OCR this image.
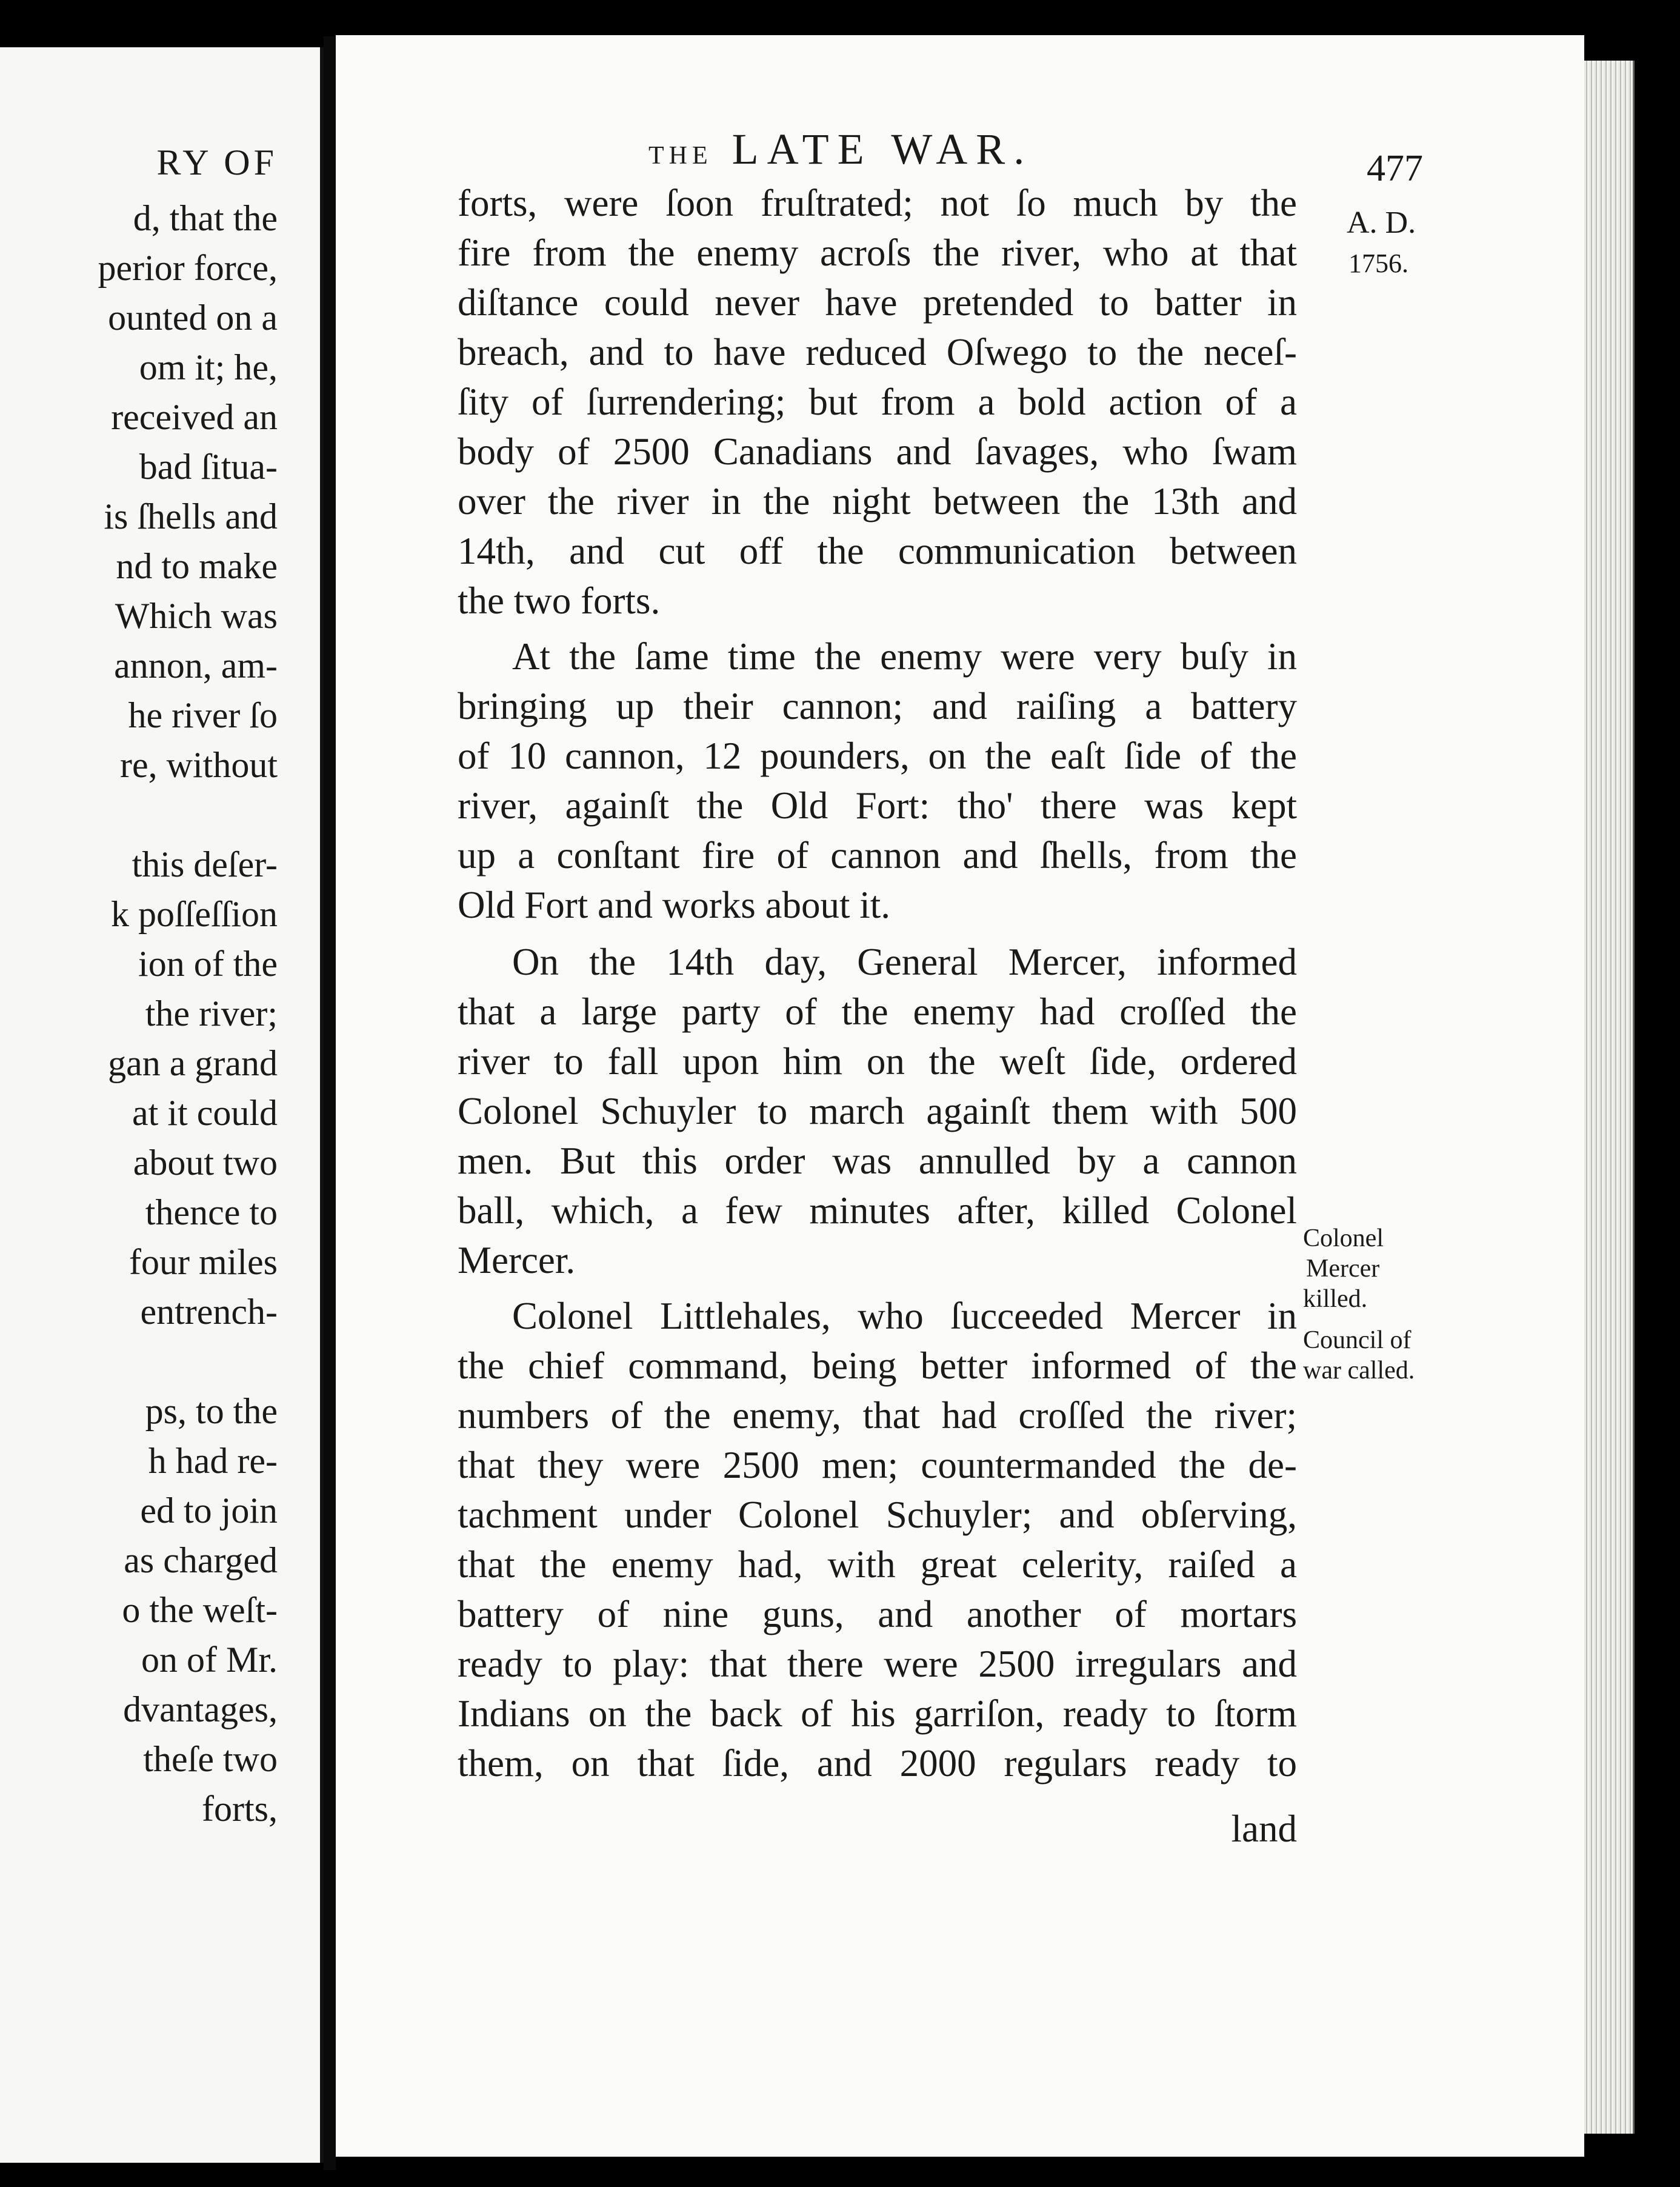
RY OF
d, that the
perior force,
ounted on a
om it; he,
received an
bad ſitua-
is ſhells and
nd to make
Which was
annon, am-
he river ſo
re, without
this deſer-
k poſſeſſion
ion of the
the river;
gan a grand
at it could
about two
thence to
four miles
entrench-
ps, to the
h had re-
ed to join
as charged
o the weſt-
on of Mr.
dvantages,
theſe two
forts,
THE LATE WAR.	477
forts, were ſoon fruſtrated; not ſo much by the
fire from the enemy acroſs the river, who at that
diſtance could never have pretended to batter in
breach, and to have reduced Oſwego to the neceſ-
ſity of ſurrendering; but from a bold action of a
body of 2500 Canadians and ſavages, who ſwam
over the river in the night between the 13th and
14th, and cut off the communication between
the two forts.
At the ſame time the enemy were very buſy in
bringing up their cannon; and raiſing a battery
of 10 cannon, 12 pounders, on the eaſt ſide of the
river, againſt the Old Fort: tho' there was kept
up a conſtant fire of cannon and ſhells, from the
Old Fort and works about it.
On the 14th day, General Mercer, informed
that a large party of the enemy had croſſed the
river to fall upon him on the weſt ſide, ordered
Colonel Schuyler to march againſt them with 500
men. But this order was annulled by a cannon
ball, which, a few minutes after, killed Colonel
Mercer.
Colonel Littlehales, who ſucceeded Mercer in
the chief command, being better informed of the
numbers of the enemy, that had croſſed the river;
that they were 2500 men; countermanded the de-
tachment under Colonel Schuyler; and obſerving,
that the enemy had, with great celerity, raiſed a
battery of nine guns, and another of mortars
ready to play: that there were 2500 irregulars and
Indians on the back of his garriſon, ready to ſtorm
them, on that ſide, and 2000 regulars ready to
land
A. D.
1756.
Colonel
Mercer
killed.
Council of
war called.
